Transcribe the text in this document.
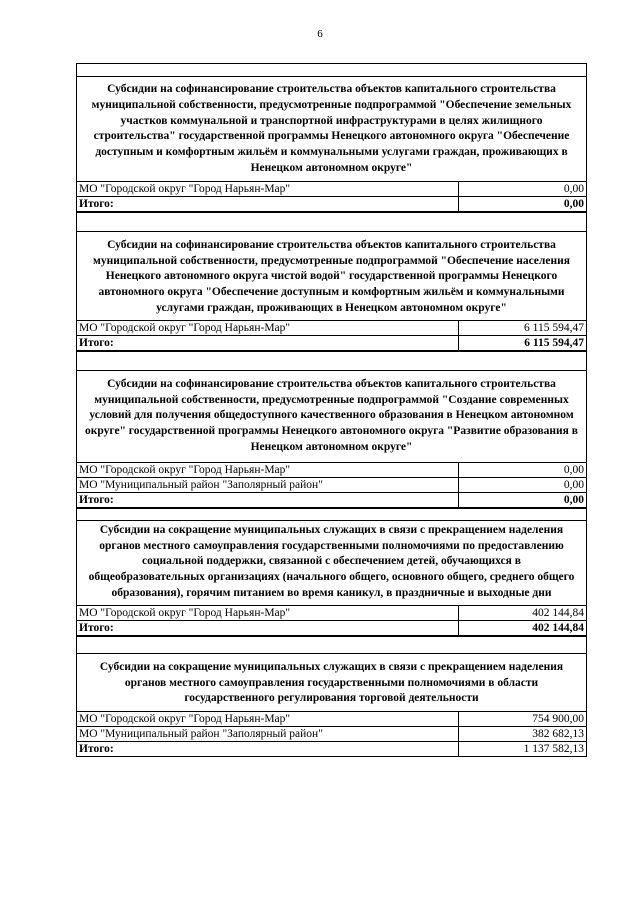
6
Субсидии на софинансирование строительства объектов капитального строительства муниципальной собственности, предусмотренные подпрограммой "Обеспечение земельных участков коммунальной и транспортной инфраструктурами в целях жилищного строительства" государственной программы Ненецкого автономного округа "Обеспечение доступным и комфортным жильём и коммунальными услугами граждан, проживающих в Ненецком автономном округе"
МО "Городской округ "Город Нарьян-Мар"	0,00
Итого:	0,00
Субсидии на софинансирование строительства объектов капитального строительства муниципальной собственности, предусмотренные подпрограммой "Обеспечение населения Ненецкого автономного округа чистой водой" государственной программы Ненецкого автономного округа "Обеспечение доступным и комфортным жильём и коммунальными услугами граждан, проживающих в Ненецком автономном округе"
МО "Городской округ "Город Нарьян-Мар"	6 115 594,47
Итого:	6 115 594,47
Субсидии на софинансирование строительства объектов капитального строительства муниципальной собственности, предусмотренные подпрограммой "Создание современных условий для получения общедоступного качественного образования в Ненецком автономном округе" государственной программы Ненецкого автономного округа "Развитие образования в Ненецком автономном округе"
МО "Городской округ "Город Нарьян-Мар"	0,00
МО "Муниципальный район "Заполярный район"	0,00
Итого:	0,00
Субсидии на сокращение муниципальных служащих в связи с прекращением наделения органов местного самоуправления государственными полномочиями по предоставлению социальной поддержки, связанной с обеспечением детей, обучающихся в общеобразовательных организациях (начального общего, основного общего, среднего общего образования), горячим питанием во время каникул, в праздничные и выходные дни
МО "Городской округ "Город Нарьян-Мар"	402 144,84
Итого:	402 144,84
Субсидии на сокращение муниципальных служащих в связи с прекращением наделения органов местного самоуправления государственными полномочиями в области государственного регулирования торговой деятельности
МО "Городской округ "Город Нарьян-Мар"	754 900,00
МО "Муниципальный район "Заполярный район"	382 682,13
Итого:	1 137 582,13
